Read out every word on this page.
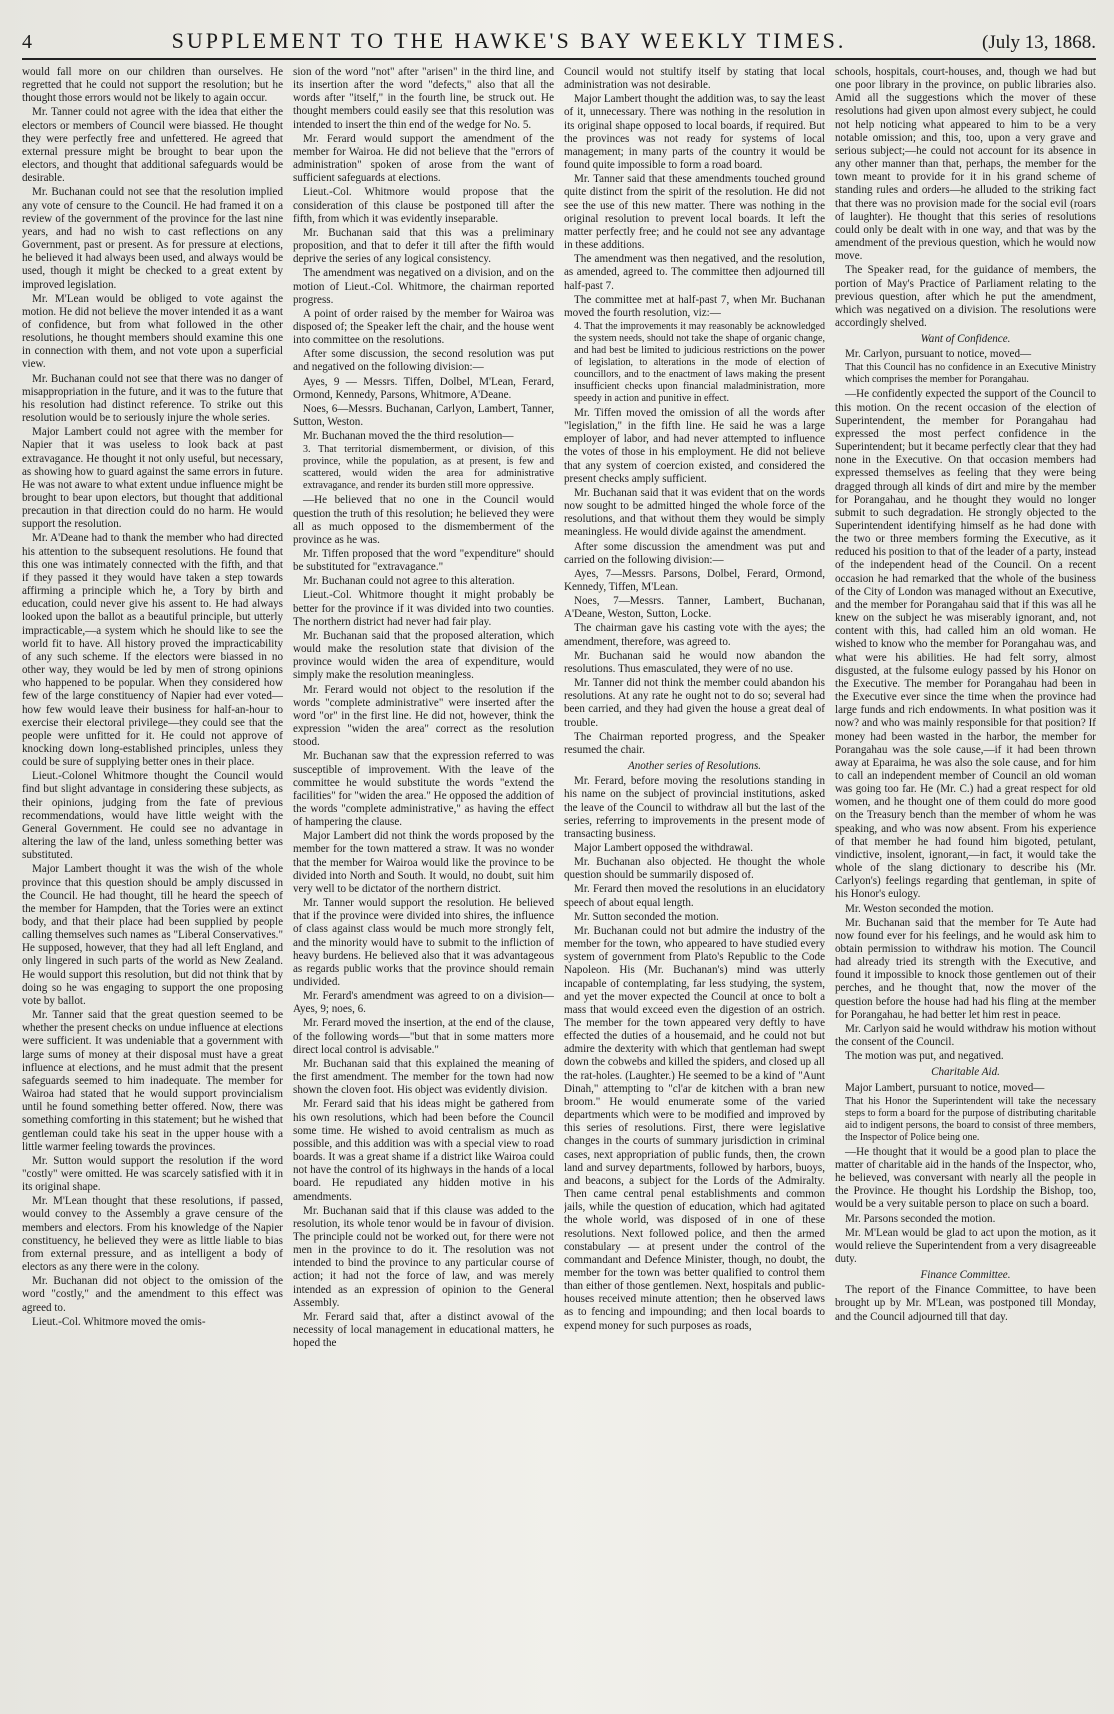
4	SUPPLEMENT TO THE HAWKE'S BAY WEEKLY TIMES.	(July 13, 1868.

would fall more on our children than ourselves. He regretted that he could not support the resolution; but he thought those errors would not be likely to again occur.

Mr. Tanner could not agree with the idea that either the electors or members of Council were biassed. He thought they were perfectly free and unfettered. He agreed that external pressure might be brought to bear upon the electors, and thought that additional safeguards would be desirable.

Mr. Buchanan could not see that the resolution implied any vote of censure to the Council. He had framed it on a review of the government of the province for the last nine years, and had no wish to cast reflections on any Government, past or present. As for pressure at elections, he believed it had always been used, and always would be used, though it might be checked to a great extent by improved legislation.

Mr. M'Lean would be obliged to vote against the motion. He did not believe the mover intended it as a want of confidence, but from what followed in the other resolutions, he thought members should examine this one in connection with them, and not vote upon a superficial view.

Mr. Buchanan could not see that there was no danger of misappropriation in the future, and it was to the future that his resolution had distinct reference. To strike out this resolution would be to seriously injure the whole series.

Major Lambert could not agree with the member for Napier that it was useless to look back at past extravagance. He thought it not only useful, but necessary, as showing how to guard against the same errors in future. He was not aware to what extent undue influence might be brought to bear upon electors, but thought that additional precaution in that direction could do no harm. He would support the resolution.

Mr. A'Deane had to thank the member who had directed his attention to the subsequent resolutions. He found that this one was intimately connected with the fifth, and that if they passed it they would have taken a step towards affirming a principle which he, a Tory by birth and education, could never give his assent to. He had always looked upon the ballot as a beautiful principle, but utterly impracticable,—a system which he should like to see the world fit to have. All history proved the impracticability of any such scheme. If the electors were biassed in no other way, they would be led by men of strong opinions who happened to be popular. When they considered how few of the large constituency of Napier had ever voted—how few would leave their business for half-an-hour to exercise their electoral privilege—they could see that the people were unfitted for it. He could not approve of knocking down long-established principles, unless they could be sure of supplying better ones in their place.

Lieut.-Colonel Whitmore thought the Council would find but slight advantage in considering these subjects, as their opinions, judging from the fate of previous recommendations, would have little weight with the General Government. He could see no advantage in altering the law of the land, unless something better was substituted.

Major Lambert thought it was the wish of the whole province that this question should be amply discussed in the Council. He had thought, till he heard the speech of the member for Hampden, that the Tories were an extinct body, and that their place had been supplied by people calling themselves such names as "Liberal Conservatives." He supposed, however, that they had all left England, and only lingered in such parts of the world as New Zealand. He would support this resolution, but did not think that by doing so he was engaging to support the one proposing vote by ballot.

Mr. Tanner said that the great question seemed to be whether the present checks on undue influence at elections were sufficient. It was undeniable that a government with large sums of money at their disposal must have a great influence at elections, and he must admit that the present safeguards seemed to him inadequate. The member for Wairoa had stated that he would support provincialism until he found something better offered. Now, there was something comforting in this statement; but he wished that gentleman could take his seat in the upper house with a little warmer feeling towards the provinces.

Mr. Sutton would support the resolution if the word "costly" were omitted. He was scarcely satisfied with it in its original shape.

Mr. M'Lean thought that these resolutions, if passed, would convey to the Assembly a grave censure of the members and electors. From his knowledge of the Napier constituency, he believed they were as little liable to bias from external pressure, and as intelligent a body of electors as any there were in the colony.

Mr. Buchanan did not object to the omission of the word "costly," and the amendment to this effect was agreed to.

Lieut.-Col. Whitmore moved the omis-

sion of the word "not" after "arisen" in the third line, and its insertion after the word "defects," also that all the words after "itself," in the fourth line, be struck out. He thought members could easily see that this resolution was intended to insert the thin end of the wedge for No. 5.

Mr. Ferard would support the amendment of the member for Wairoa. He did not believe that the "errors of administration" spoken of arose from the want of sufficient safeguards at elections.

Lieut.-Col. Whitmore would propose that the consideration of this clause be postponed till after the fifth, from which it was evidently inseparable.

Mr. Buchanan said that this was a preliminary proposition, and that to defer it till after the fifth would deprive the series of any logical consistency.

The amendment was negatived on a division, and on the motion of Lieut.-Col. Whitmore, the chairman reported progress.

A point of order raised by the member for Wairoa was disposed of; the Speaker left the chair, and the house went into committee on the resolutions.

After some discussion, the second resolution was put and negatived on the following division:—

Ayes, 9 — Messrs. Tiffen, Dolbel, M'Lean, Ferard, Ormond, Kennedy, Parsons, Whitmore, A'Deane.

Noes, 6—Messrs. Buchanan, Carlyon, Lambert, Tanner, Sutton, Weston.

Mr. Buchanan moved the the third resolution—

3. That territorial dismemberment, or division, of this province, while the population, as at present, is few and scattered, would widen the area for administrative extravagance, and render its burden still more oppressive.

—He believed that no one in the Council would question the truth of this resolution; he believed they were all as much opposed to the dismemberment of the province as he was.

Mr. Tiffen proposed that the word "expenditure" should be substituted for "extravagance."

Mr. Buchanan could not agree to this alteration.

Lieut.-Col. Whitmore thought it might probably be better for the province if it was divided into two counties. The northern district had never had fair play.

Mr. Buchanan said that the proposed alteration, which would make the resolution state that division of the province would widen the area of expenditure, would simply make the resolution meaningless.

Mr. Ferard would not object to the resolution if the words "complete administrative" were inserted after the word "or" in the first line. He did not, however, think the expression "widen the area" correct as the resolution stood.

Mr. Buchanan saw that the expression referred to was susceptible of improvement. With the leave of the committee he would substitute the words "extend the facilities" for "widen the area." He opposed the addition of the words "complete administrative," as having the effect of hampering the clause.

Major Lambert did not think the words proposed by the member for the town mattered a straw. It was no wonder that the member for Wairoa would like the province to be divided into North and South. It would, no doubt, suit him very well to be dictator of the northern district.

Mr. Tanner would support the resolution. He believed that if the province were divided into shires, the influence of class against class would be much more strongly felt, and the minority would have to submit to the infliction of heavy burdens. He believed also that it was advantageous as regards public works that the province should remain undivided.

Mr. Ferard's amendment was agreed to on a division—Ayes, 9; noes, 6.

Mr. Ferard moved the insertion, at the end of the clause, of the following words—"but that in some matters more direct local control is advisable."

Mr. Buchanan said that this explained the meaning of the first amendment. The member for the town had now shown the cloven foot. His object was evidently division.

Mr. Ferard said that his ideas might be gathered from his own resolutions, which had been before the Council some time. He wished to avoid centralism as much as possible, and this addition was with a special view to road boards. It was a great shame if a district like Wairoa could not have the control of its highways in the hands of a local board. He repudiated any hidden motive in his amendments.

Mr. Buchanan said that if this clause was added to the resolution, its whole tenor would be in favour of division. The principle could not be worked out, for there were not men in the province to do it. The resolution was not intended to bind the province to any particular course of action; it had not the force of law, and was merely intended as an expression of opinion to the General Assembly.

Mr. Ferard said that, after a distinct avowal of the necessity of local management in educational matters, he hoped the

Council would not stultify itself by stating that local administration was not desirable.

Major Lambert thought the addition was, to say the least of it, unnecessary. There was nothing in the resolution in its original shape opposed to local boards, if required. But the provinces was not ready for systems of local management; in many parts of the country it would be found quite impossible to form a road board.

Mr. Tanner said that these amendments touched ground quite distinct from the spirit of the resolution. He did not see the use of this new matter. There was nothing in the original resolution to prevent local boards. It left the matter perfectly free; and he could not see any advantage in these additions.

The amendment was then negatived, and the resolution, as amended, agreed to. The committee then adjourned till half-past 7.

The committee met at half-past 7, when Mr. Buchanan moved the fourth resolution, viz:—

4. That the improvements it may reasonably be acknowledged the system needs, should not take the shape of organic change, and had best be limited to judicious restrictions on the power of legislation, to alterations in the mode of election of councillors, and to the enactment of laws making the present insufficient checks upon financial maladministration, more speedy in action and punitive in effect.

Mr. Tiffen moved the omission of all the words after "legislation," in the fifth line. He said he was a large employer of labor, and had never attempted to influence the votes of those in his employment. He did not believe that any system of coercion existed, and considered the present checks amply sufficient.

Mr. Buchanan said that it was evident that on the words now sought to be admitted hinged the whole force of the resolutions, and that without them they would be simply meaningless. He would divide against the amendment.

After some discussion the amendment was put and carried on the following division:—

Ayes, 7—Messrs. Parsons, Dolbel, Ferard, Ormond, Kennedy, Tiffen, M'Lean.

Noes, 7—Messrs. Tanner, Lambert, Buchanan, A'Deane, Weston, Sutton, Locke.

The chairman gave his casting vote with the ayes; the amendment, therefore, was agreed to.

Mr. Buchanan said he would now abandon the resolutions. Thus emasculated, they were of no use.

Mr. Tanner did not think the member could abandon his resolutions. At any rate he ought not to do so; several had been carried, and they had given the house a great deal of trouble.

The Chairman reported progress, and the Speaker resumed the chair.

Another series of Resolutions.

Mr. Ferard, before moving the resolutions standing in his name on the subject of provincial institutions, asked the leave of the Council to withdraw all but the last of the series, referring to improvements in the present mode of transacting business.

Major Lambert opposed the withdrawal.

Mr. Buchanan also objected. He thought the whole question should be summarily disposed of.

Mr. Ferard then moved the resolutions in an elucidatory speech of about equal length.

Mr. Sutton seconded the motion.

Mr. Buchanan could not but admire the industry of the member for the town, who appeared to have studied every system of government from Plato's Republic to the Code Napoleon. His (Mr. Buchanan's) mind was utterly incapable of contemplating, far less studying, the system, and yet the mover expected the Council at once to bolt a mass that would exceed even the digestion of an ostrich. The member for the town appeared very deftly to have effected the duties of a housemaid, and he could not but admire the dexterity with which that gentleman had swept down the cobwebs and killed the spiders, and closed up all the rat-holes. (Laughter.) He seemed to be a kind of "Aunt Dinah," attempting to "cl'ar de kitchen with a bran new broom." He would enumerate some of the varied departments which were to be modified and improved by this series of resolutions. First, there were legislative changes in the courts of summary jurisdiction in criminal cases, next appropriation of public funds, then, the crown land and survey departments, followed by harbors, buoys, and beacons, a subject for the Lords of the Admiralty. Then came central penal establishments and common jails, while the question of education, which had agitated the whole world, was disposed of in one of these resolutions. Next followed police, and then the armed constabulary — at present under the control of the commandant and Defence Minister, though, no doubt, the member for the town was better qualified to control them than either of those gentlemen. Next, hospitals and public-houses received minute attention; then he observed laws as to fencing and impounding; and then local boards to expend money for such purposes as roads,

schools, hospitals, court-houses, and, though we had but one poor library in the province, on public libraries also. Amid all the suggestions which the mover of these resolutions had given upon almost every subject, he could not help noticing what appeared to him to be a very notable omission; and this, too, upon a very grave and serious subject;—he could not account for its absence in any other manner than that, perhaps, the member for the town meant to provide for it in his grand scheme of standing rules and orders—he alluded to the striking fact that there was no provision made for the social evil (roars of laughter). He thought that this series of resolutions could only be dealt with in one way, and that was by the amendment of the previous question, which he would now move.

The Speaker read, for the guidance of members, the portion of May's Practice of Parliament relating to the previous question, after which he put the amendment, which was negatived on a division. The resolutions were accordingly shelved.

Want of Confidence.

Mr. Carlyon, pursuant to notice, moved—

That this Council has no confidence in an Executive Ministry which comprises the member for Porangahau.

—He confidently expected the support of the Council to this motion. On the recent occasion of the election of Superintendent, the member for Porangahau had expressed the most perfect confidence in the Superintendent; but it became perfectly clear that they had none in the Executive. On that occasion members had expressed themselves as feeling that they were being dragged through all kinds of dirt and mire by the member for Porangahau, and he thought they would no longer submit to such degradation. He strongly objected to the Superintendent identifying himself as he had done with the two or three members forming the Executive, as it reduced his position to that of the leader of a party, instead of the independent head of the Council. On a recent occasion he had remarked that the whole of the business of the City of London was managed without an Executive, and the member for Porangahau said that if this was all he knew on the subject he was miserably ignorant, and, not content with this, had called him an old woman. He wished to know who the member for Porangahau was, and what were his abilities. He had felt sorry, almost disgusted, at the fulsome eulogy passed by his Honor on the Executive. The member for Porangahau had been in the Executive ever since the time when the province had large funds and rich endowments. In what position was it now? and who was mainly responsible for that position? If money had been wasted in the harbor, the member for Porangahau was the sole cause,—if it had been thrown away at Eparaima, he was also the sole cause, and for him to call an independent member of Council an old woman was going too far. He (Mr. C.) had a great respect for old women, and he thought one of them could do more good on the Treasury bench than the member of whom he was speaking, and who was now absent. From his experience of that member he had found him bigoted, petulant, vindictive, insolent, ignorant,—in fact, it would take the whole of the slang dictionary to describe his (Mr. Carlyon's) feelings regarding that gentleman, in spite of his Honor's eulogy.

Mr. Weston seconded the motion.

Mr. Buchanan said that the member for Te Aute had now found ever for his feelings, and he would ask him to obtain permission to withdraw his motion. The Council had already tried its strength with the Executive, and found it impossible to knock those gentlemen out of their perches, and he thought that, now the mover of the question before the house had had his fling at the member for Porangahau, he had better let him rest in peace.

Mr. Carlyon said he would withdraw his motion without the consent of the Council.

The motion was put, and negatived.

Charitable Aid.

Major Lambert, pursuant to notice, moved—

That his Honor the Superintendent will take the necessary steps to form a board for the purpose of distributing charitable aid to indigent persons, the board to consist of three members, the Inspector of Police being one.

—He thought that it would be a good plan to place the matter of charitable aid in the hands of the Inspector, who, he believed, was conversant with nearly all the people in the Province. He thought his Lordship the Bishop, too, would be a very suitable person to place on such a board.

Mr. Parsons seconded the motion.

Mr. M'Lean would be glad to act upon the motion, as it would relieve the Superintendent from a very disagreeable duty.

Finance Committee.

The report of the Finance Committee, to have been brought up by Mr. M'Lean, was postponed till Monday, and the Council adjourned till that day.
